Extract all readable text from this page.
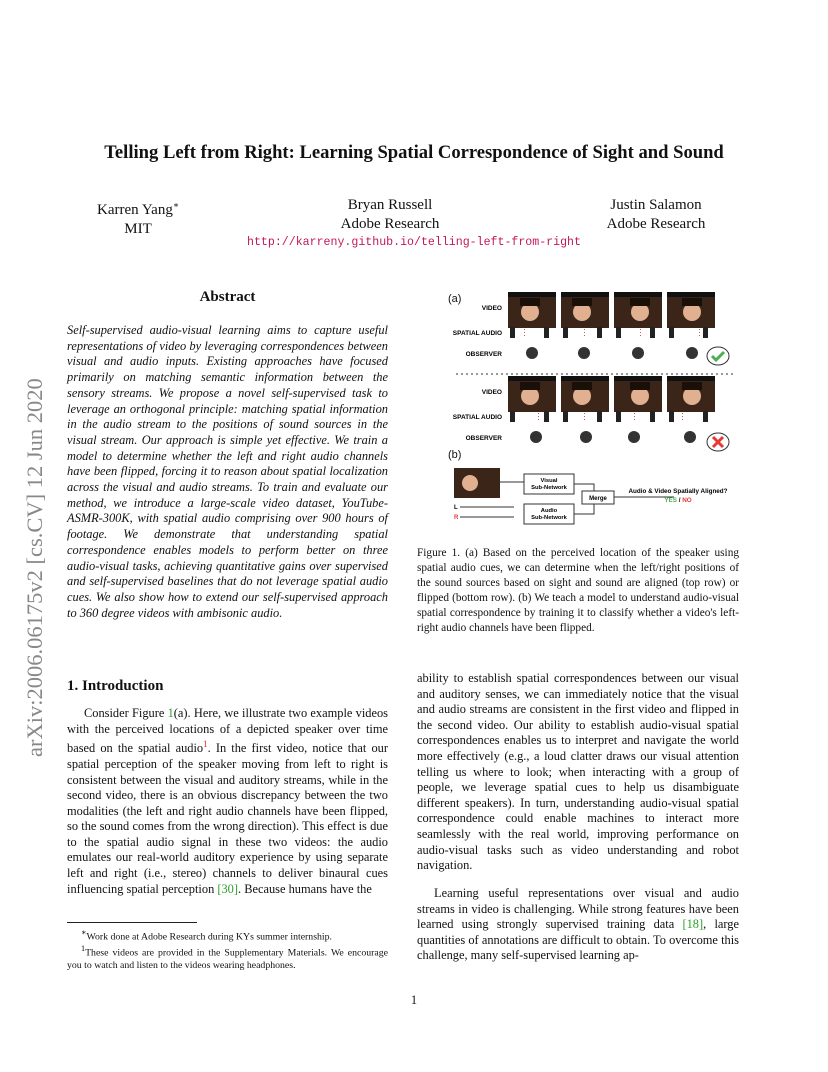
arXiv:2006.06175v2 [cs.CV] 12 Jun 2020
Telling Left from Right: Learning Spatial Correspondence of Sight and Sound
Karren Yang∗
MIT
Bryan Russell
Adobe Research
Justin Salamon
Adobe Research
http://karreny.github.io/telling-left-from-right
Abstract
Self-supervised audio-visual learning aims to capture useful representations of video by leveraging correspondences between visual and audio inputs. Existing approaches have focused primarily on matching semantic information between the sensory streams. We propose a novel self-supervised task to leverage an orthogonal principle: matching spatial information in the audio stream to the positions of sound sources in the visual stream. Our approach is simple yet effective. We train a model to determine whether the left and right audio channels have been flipped, forcing it to reason about spatial localization across the visual and audio streams. To train and evaluate our method, we introduce a large-scale video dataset, YouTube-ASMR-300K, with spatial audio comprising over 900 hours of footage. We demonstrate that understanding spatial correspondence enables models to perform better on three audio-visual tasks, achieving quantitative gains over supervised and self-supervised baselines that do not leverage spatial audio cues. We also show how to extend our self-supervised approach to 360 degree videos with ambisonic audio.
1. Introduction

Consider Figure 1(a). Here, we illustrate two example videos with the perceived locations of a depicted speaker over time based on the spatial audio$^1$. In the first video, notice that our spatial perception of the speaker moving from left to right is consistent between the visual and auditory streams, while in the second video, there is an obvious discrepancy between the two modalities (the left and right audio channels have been flipped, so the sound comes from the wrong direction). This effect is due to the spatial audio signal in these two videos: the audio emulates our real-world auditory experience by using separate left and right (i.e., stereo) channels to deliver binaural cues influencing spatial perception [30]. Because humans have the

∗Work done at Adobe Research during KYs summer internship.
$^1$These videos are provided in the Supplementary Materials. We encourage you to watch and listen to the videos wearing headphones.

ability to establish spatial correspondences between our visual and auditory senses, we can immediately notice that the visual and audio streams are consistent in the first video and flipped in the second video. Our ability to establish audio-visual spatial correspondences enables us to interpret and navigate the world more effectively (e.g., a loud clatter draws our visual attention telling us where to look; when interacting with a group of people, we leverage spatial cues to help us disambiguate different speakers). In turn, understanding audio-visual spatial correspondence could enable machines to interact more seamlessly with the real world, improving performance on audio-visual tasks such as video understanding and robot navigation.

Learning useful representations over visual and audio streams in video is challenging. While strong features have been learned using strongly supervised training data [18], large quantities of annotations are difficult to obtain. To overcome this challenge, many self-supervised learning ap-

(a)
VIDEO
SPATIAL AUDIO
OBSERVER
︙	︙	︙	︙
VIDEO
SPATIAL AUDIO
OBSERVER
︙	︙	︙	︙
(b)
L
R
Visual Sub-Network
Audio Sub-Network
Merge
Audio & Video Spatially Aligned?
YES / NO
Figure 1. (a) Based on the perceived location of the speaker using spatial audio cues, we can determine when the left/right positions of the sound sources based on sight and sound are aligned (top row) or flipped (bottom row). (b) We teach a model to understand audio-visual spatial correspondence by training it to classify whether a video's left-right audio channels have been flipped.
1
